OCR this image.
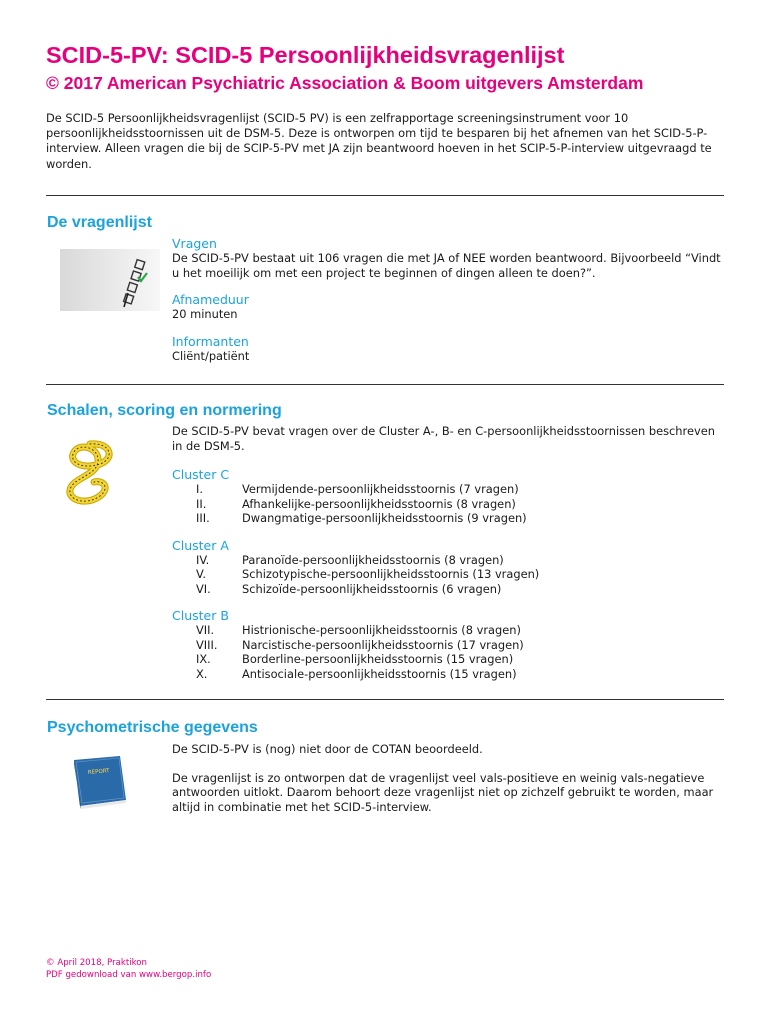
SCID-5-PV: SCID-5 Persoonlijkheidsvragenlijst
© 2017 American Psychiatric Association & Boom uitgevers Amsterdam

De SCID-5 Persoonlijkheidsvragenlijst (SCID-5 PV) is een zelfrapportage screeningsinstrument voor 10 persoonlijkheidsstoornissen uit de DSM-5. Deze is ontworpen om tijd te besparen bij het afnemen van het SCID-5-P-interview. Alleen vragen die bij de SCIP-5-PV met JA zijn beantwoord hoeven in het SCIP-5-P-interview uitgevraagd te worden.

De vragenlijst
Vragen
De SCID-5-PV bestaat uit 106 vragen die met JA of NEE worden beantwoord. Bijvoorbeeld “Vindt u het moeilijk om met een project te beginnen of dingen alleen te doen?”.
Afnameduur
20 minuten
Informanten
Cliënt/patiënt
Schalen, scoring en normering
De SCID-5-PV bevat vragen over de Cluster A-, B- en C-persoonlijkheidsstoornissen beschreven in de DSM-5.
Cluster C
I.	Vermijdende-persoonlijkheidsstoornis (7 vragen)
II.	Afhankelijke-persoonlijkheidsstoornis (8 vragen)
III.	Dwangmatige-persoonlijkheidsstoornis (9 vragen)
Cluster A
IV.	Paranoïde-persoonlijkheidsstoornis (8 vragen)
V.	Schizotypische-persoonlijkheidsstoornis (13 vragen)
VI.	Schizoïde-persoonlijkheidsstoornis (6 vragen)
Cluster B
VII.	Histrionische-persoonlijkheidsstoornis (8 vragen)
VIII.	Narcistische-persoonlijkheidsstoornis (17 vragen)
IX.	Borderline-persoonlijkheidsstoornis (15 vragen)
X.	Antisociale-persoonlijkheidsstoornis (15 vragen)
Psychometrische gegevens
REPORT
De SCID-5-PV is (nog) niet door de COTAN beoordeeld.
De vragenlijst is zo ontworpen dat de vragenlijst veel vals-positieve en weinig vals-negatieve antwoorden uitlokt. Daarom behoort deze vragenlijst niet op zichzelf gebruikt te worden, maar altijd in combinatie met het SCID-5-interview.
© April 2018, Praktikon
PDF gedownload van www.bergop.info
